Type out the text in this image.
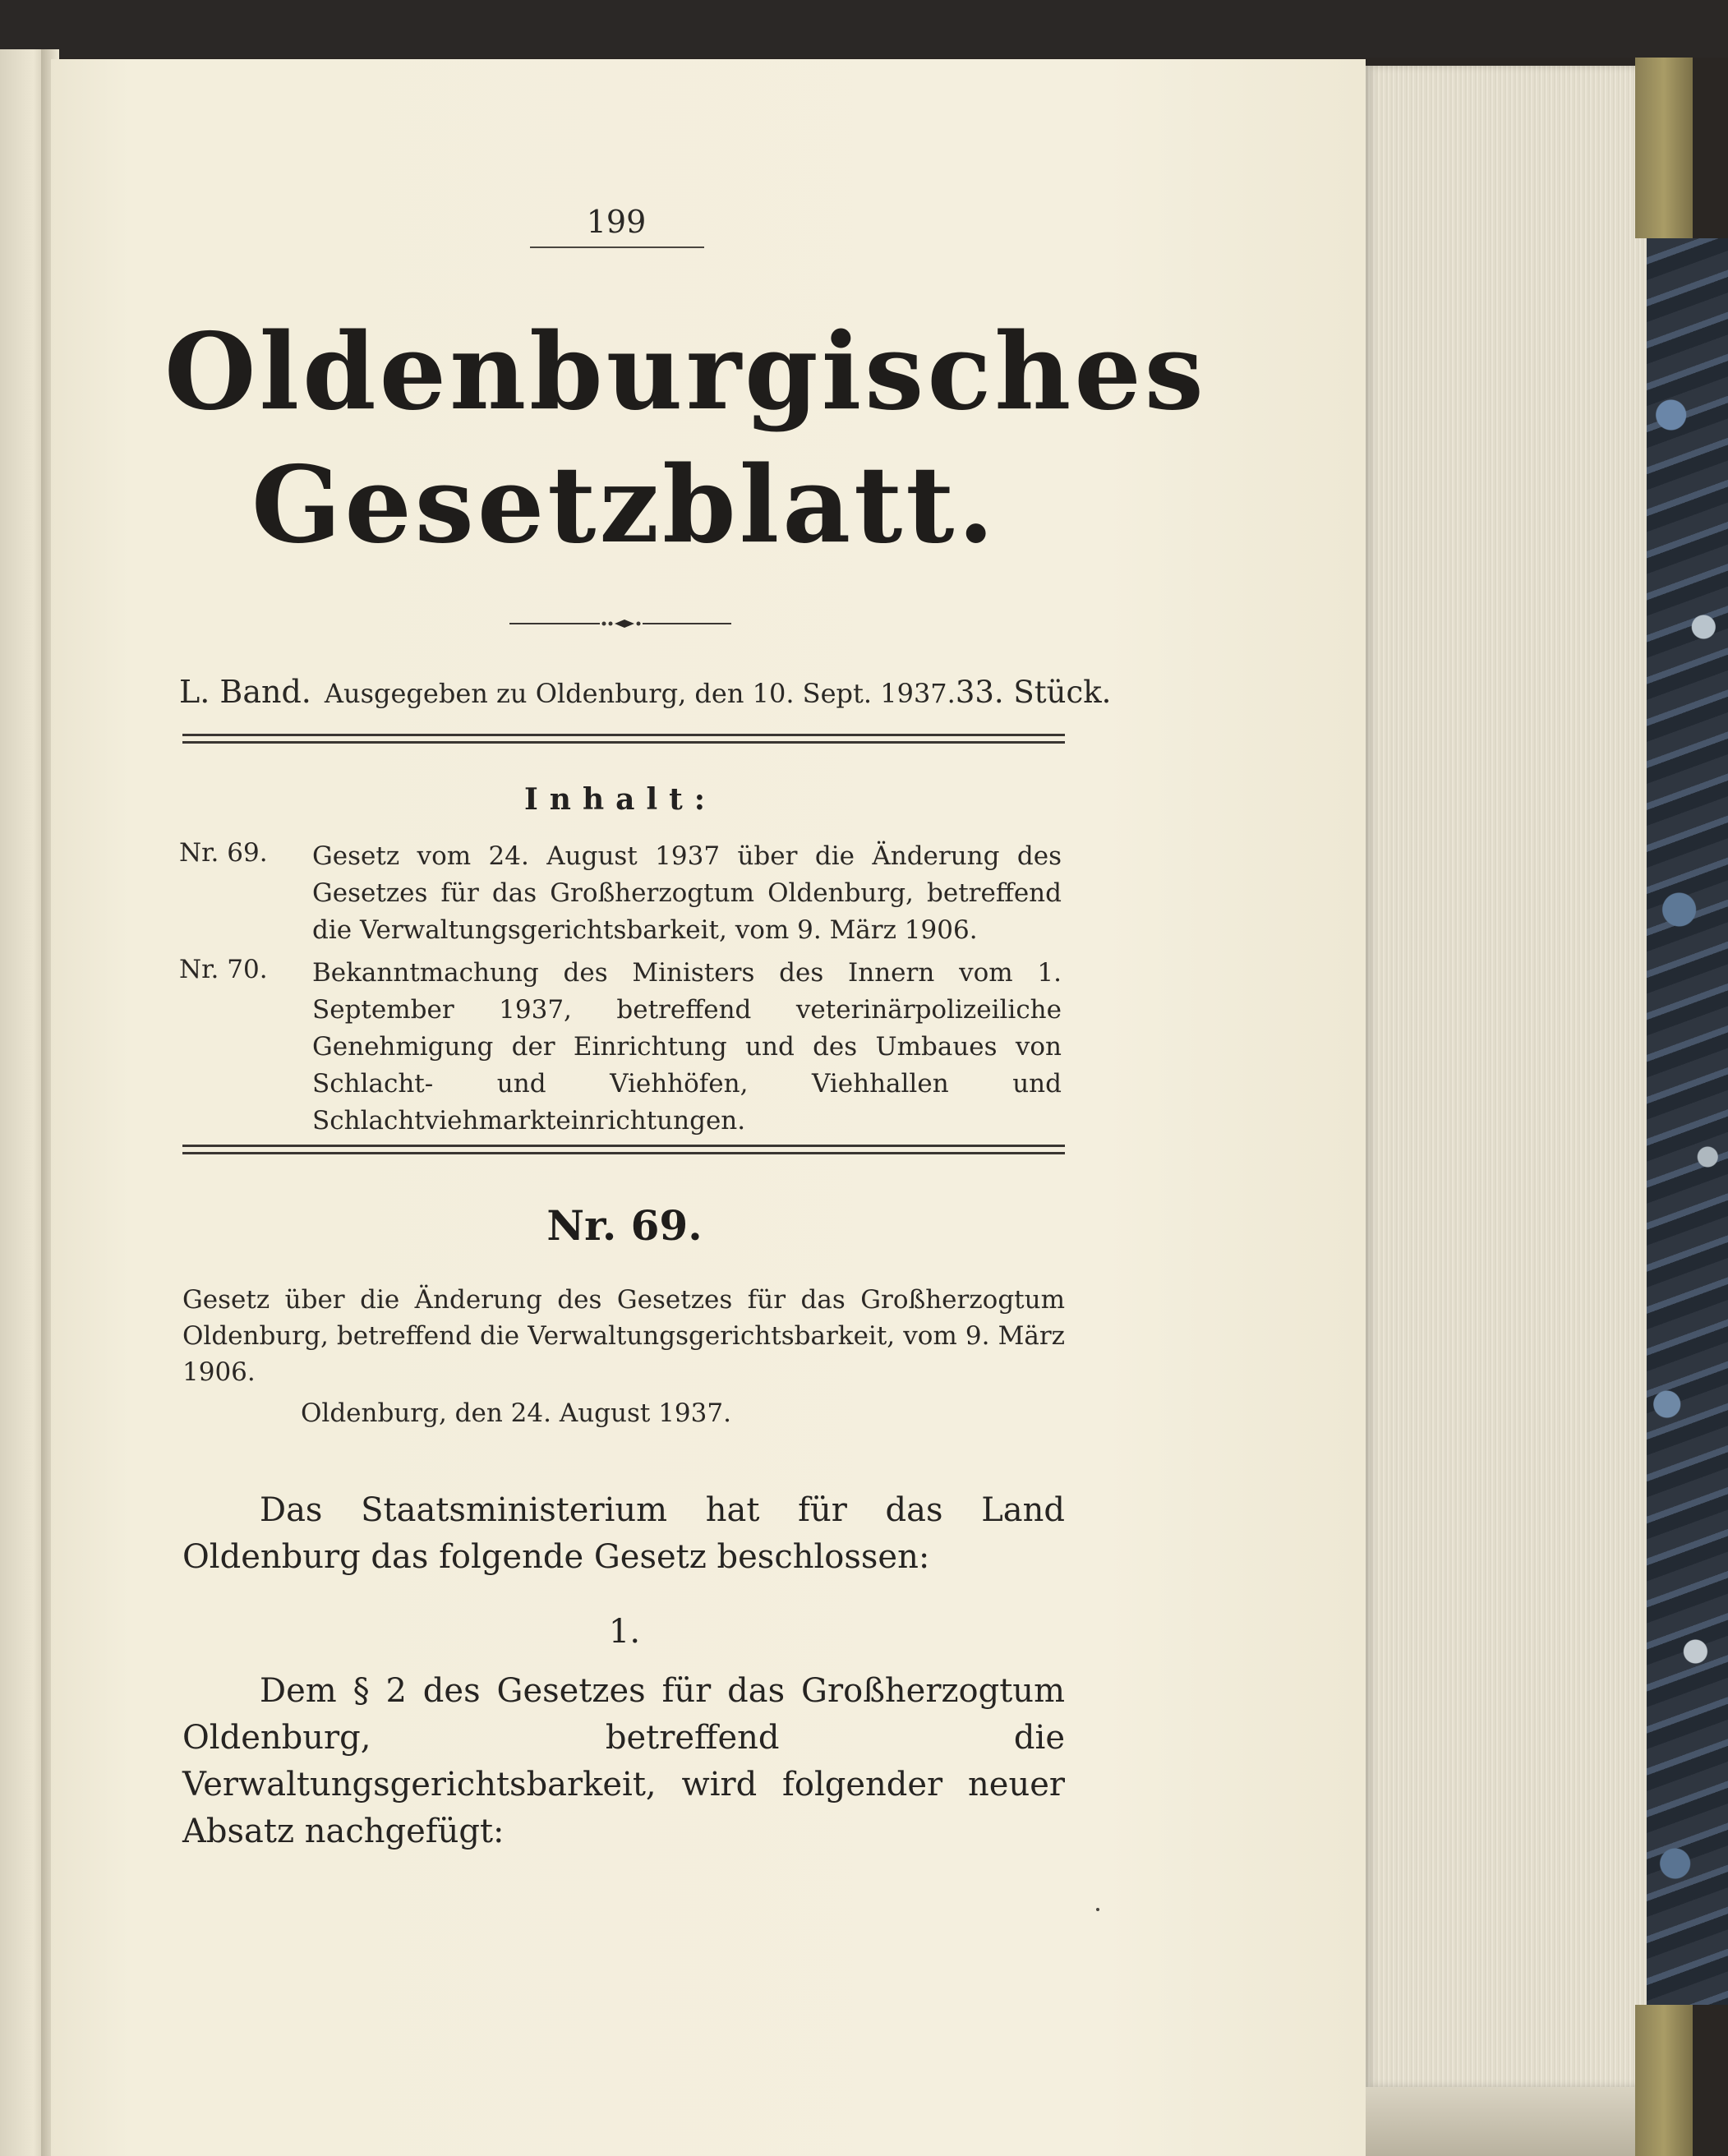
199
Oldenburgisches
Gesetzblatt.
L. Band. Ausgegeben zu Oldenburg, den 10. Sept. 1937. 33. Stück.
Inhalt:
Nr. 69.	Gesetz vom 24. August 1937 über die Änderung des Gesetzes für das Großherzogtum Oldenburg, betreffend die Verwaltungsgerichtsbarkeit, vom 9. März 1906.
Nr. 70.	Bekanntmachung des Ministers des Innern vom 1. September 1937, betreffend veterinärpolizeiliche Genehmigung der Einrichtung und des Umbaues von Schlacht- und Viehhöfen, Viehhallen und Schlachtviehmarkteinrichtungen.
Nr. 69.
Gesetz über die Änderung des Gesetzes für das Großherzogtum Oldenburg, betreffend die Verwaltungsgerichtsbarkeit, vom 9. März 1906.
Oldenburg, den 24. August 1937.
Das Staatsministerium hat für das Land Oldenburg das folgende Gesetz beschlossen:
1.
Dem § 2 des Gesetzes für das Großherzogtum Oldenburg, betreffend die Verwaltungsgerichtsbarkeit, wird folgender neuer Absatz nachgefügt:
